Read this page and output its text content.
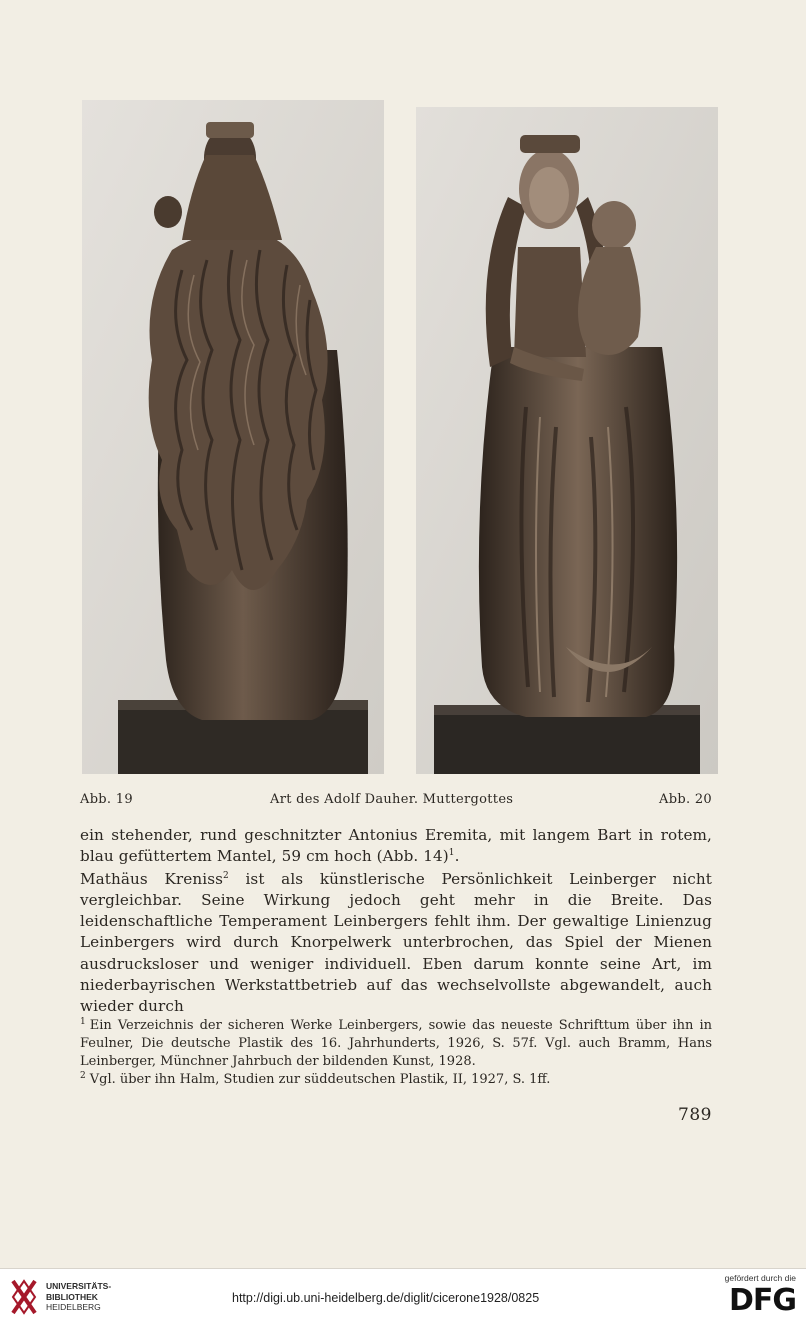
Abb. 19	Art des Adolf Dauher. Muttergottes	Abb. 20

ein stehender, rund geschnitzter Antonius Eremita, mit langem Bart in rotem, blau gefüttertem Mantel, 59 cm hoch (Abb. 14)$^1$.

Mathäus Kreniss$^2$ ist als künstlerische Persönlichkeit Leinberger nicht vergleichbar. Seine Wirkung jedoch geht mehr in die Breite. Das leidenschaftliche Temperament Leinbergers fehlt ihm. Der gewaltige Linienzug Leinbergers wird durch Knorpelwerk unterbrochen, das Spiel der Mienen ausdrucksloser und weniger individuell. Eben darum konnte seine Art, im niederbayrischen Werkstattbetrieb auf das wechselvollste abgewandelt, auch wieder durch

$^1$ Ein Verzeichnis der sicheren Werke Leinbergers, sowie das neueste Schrifttum über ihn in Feulner, Die deutsche Plastik des 16. Jahrhunderts, 1926, S. 57f. Vgl. auch Bramm, Hans Leinberger, Münchner Jahrbuch der bildenden Kunst, 1928.

$^2$ Vgl. über ihn Halm, Studien zur süddeutschen Plastik, II, 1927, S. 1ff.

789
UNIVERSITÄTS-
BIBLIOTHEK
HEIDELBERG
http://digi.ub.uni-heidelberg.de/diglit/cicerone1928/0825
gefördert durch die
DFG
